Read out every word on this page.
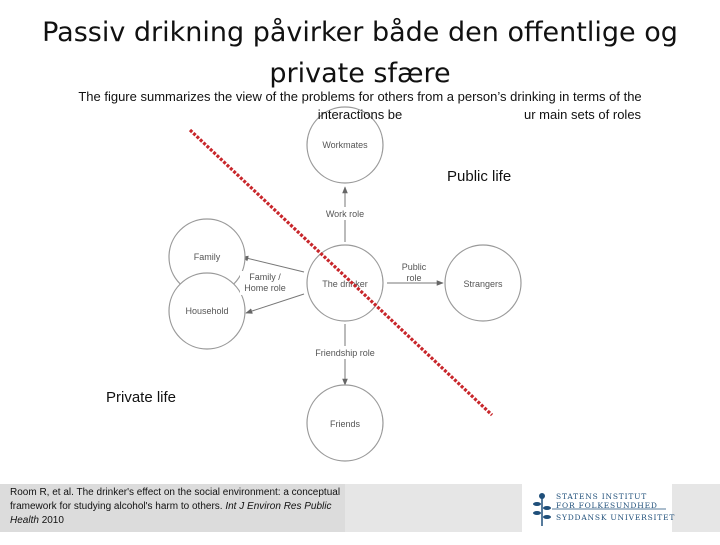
Passiv drikning påvirker både den offentlige og private sfære
Workmates
Family
Household
The drinker	Strangers
Friends
Work role
Friendship role
Public
role
Family /
Home role
The figure summarizes the view of the problems for others from a person’s drinking in terms of the interactions be	ur main sets of roles
Public life
Private life
Room R, et al. The drinker's effect on the social environment: a conceptual framework for studying alcohol's harm to others. Int J Environ Res Public Health 2010
STATENS INSTITUT
FOR FOLKESUNDHED
SYDDANSK UNIVERSITET
